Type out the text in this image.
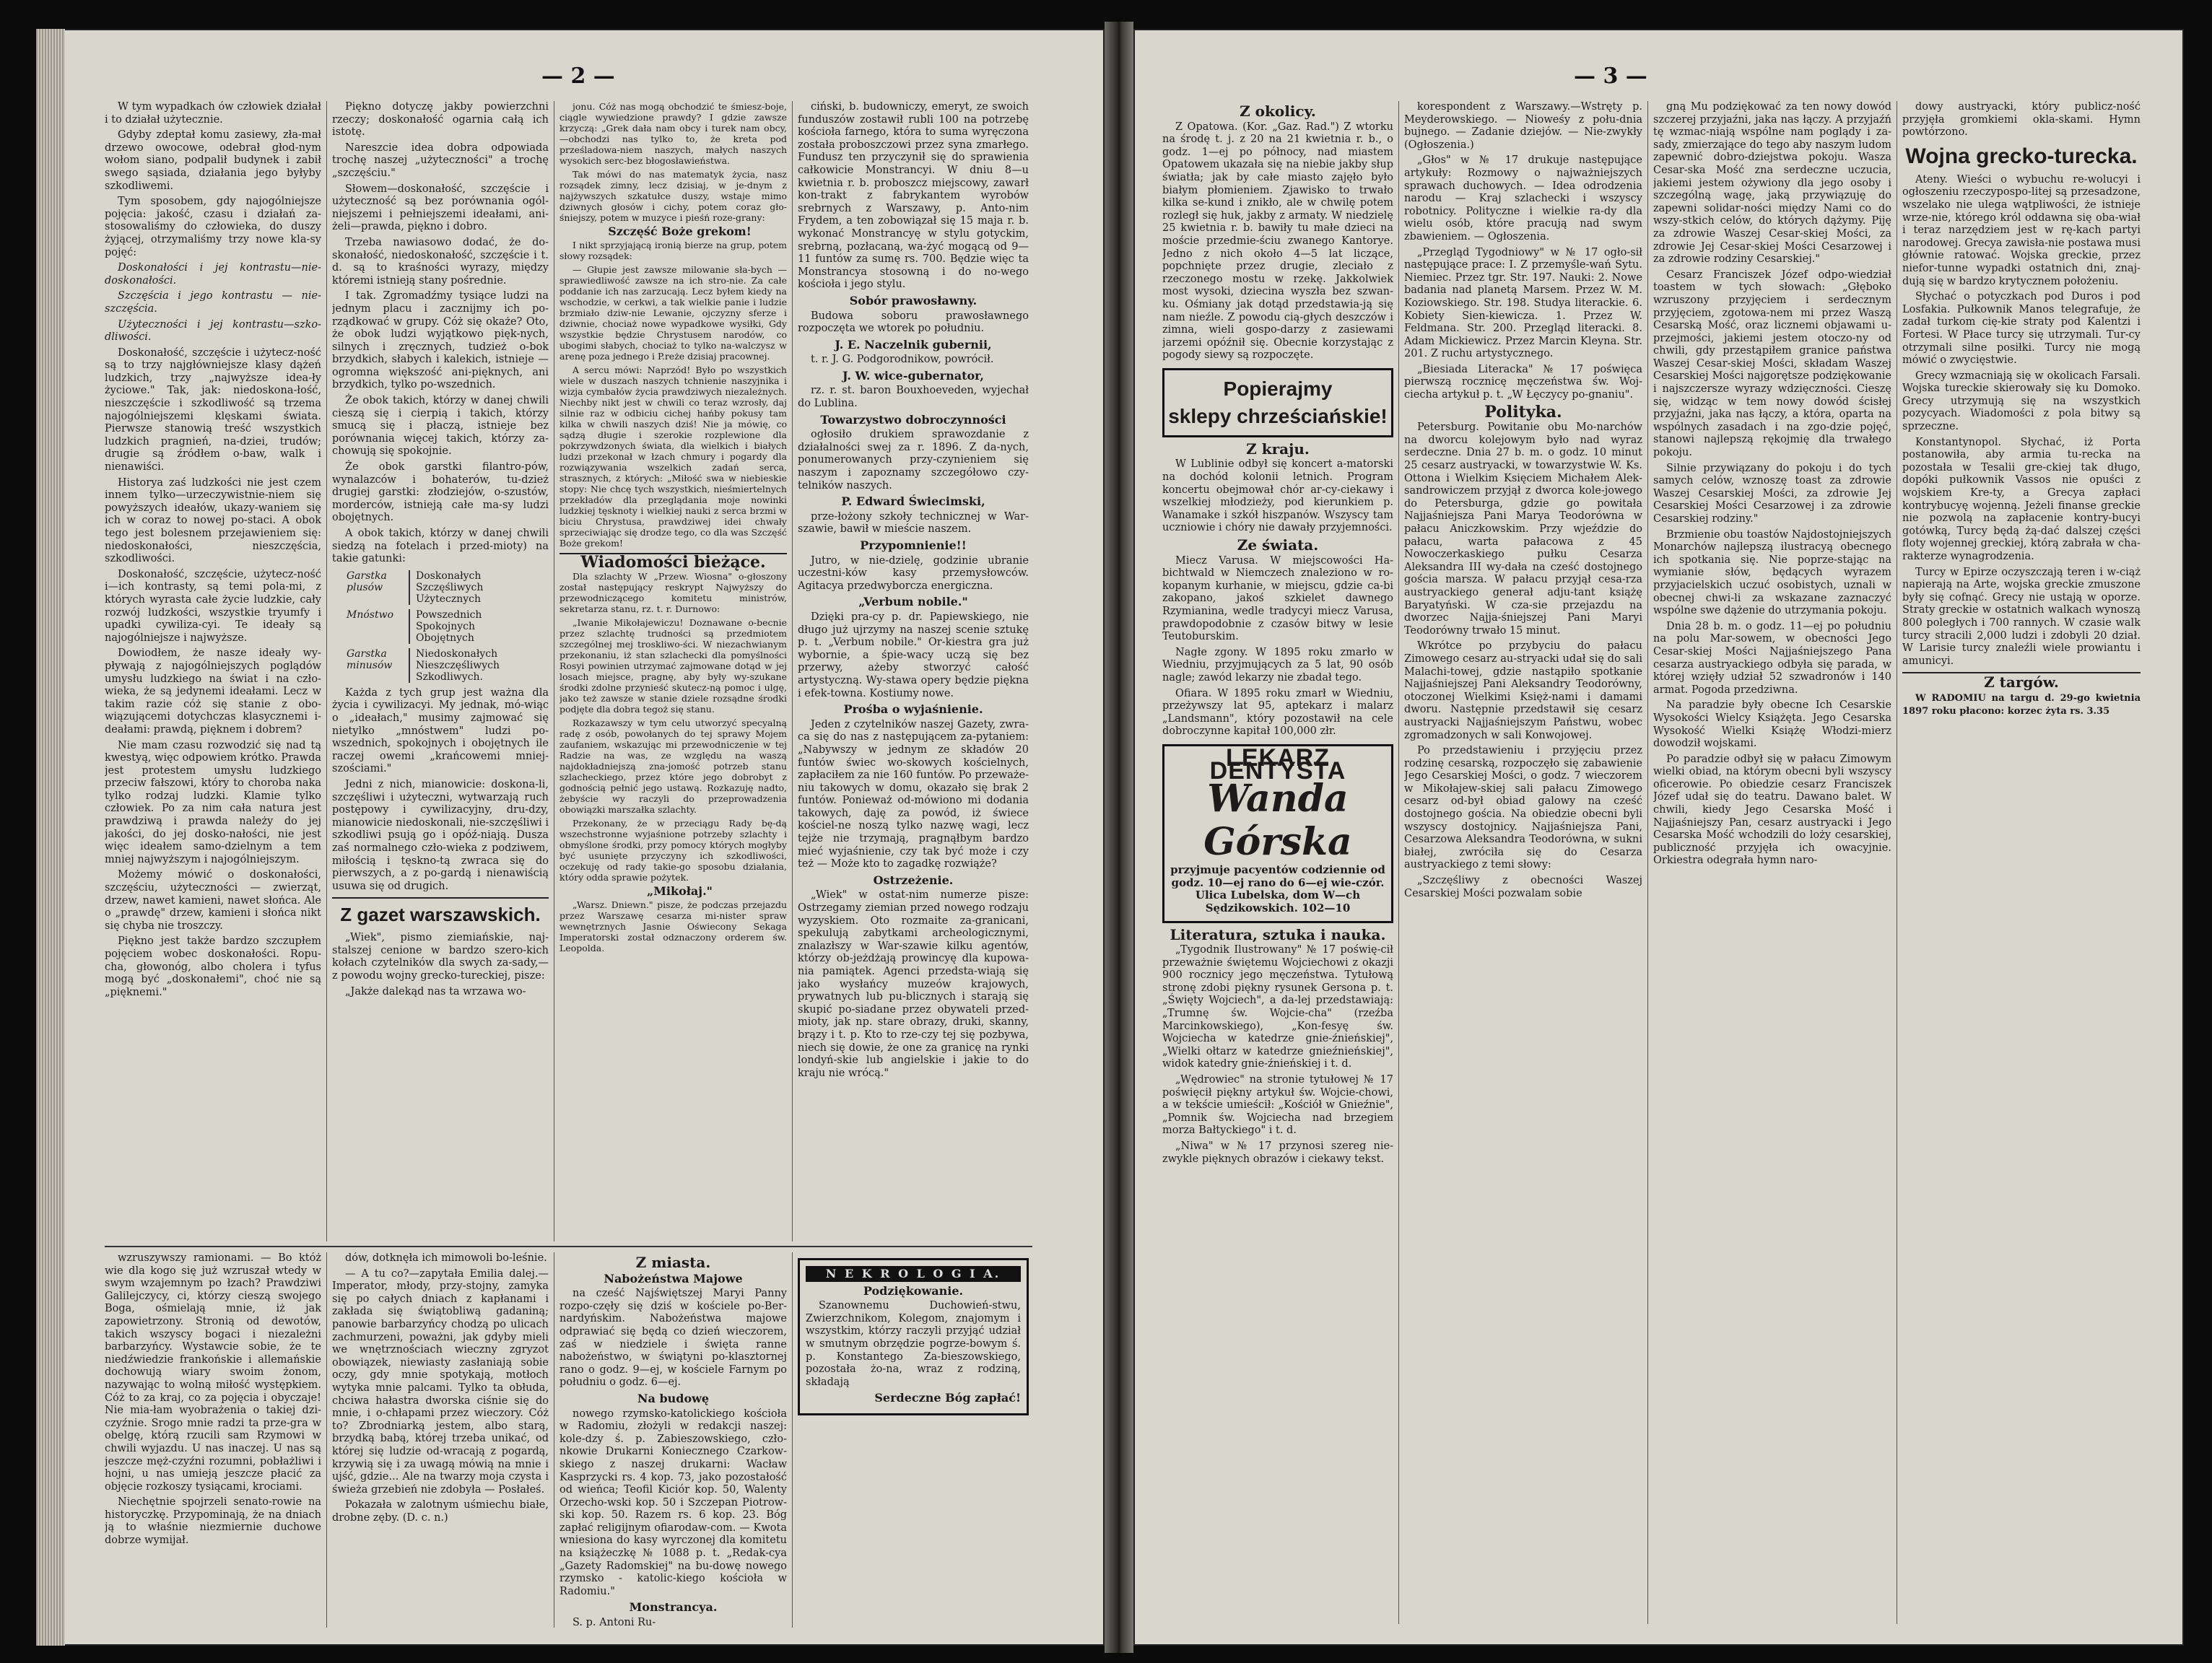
— 2 —

W tym wypadkach ów człowiek działał i to działał użytecznie.

Gdyby zdeptał komu zasiewy, zła-mał drzewo owocowe, odebrał głod-nym wołom siano, podpalił budynek i zabił swego sąsiada, działania jego byłyby szkodliwemi.

Tym sposobem, gdy najogólniejsze pojęcia: jakość, czasu i działań za-stosowaliśmy do człowieka, do duszy żyjącej, otrzymaliśmy trzy nowe kla-sy pojęć:

Doskonałości i jej kontrastu—nie-doskonałości.

Szczęścia i jego kontrastu — nie-szczęścia.

Użyteczności i jej kontrastu—szko-dliwości.

Doskonałość, szczęście i użytecz-ność są to trzy najgłówniejsze klasy dążeń ludzkich, trzy „najwyższe idea-ły życiowe." Tak, jak: niedoskona-łość, nieszczęście i szkodliwość są trzema najogólniejszemi klęskami świata. Pierwsze stanowią treść wszystkich ludzkich pragnień, na-dziei, trudów; drugie są źródłem o-baw, walk i nienawiści.

Historya zaś ludzkości nie jest czem innem tylko—urzeczywistnie-niem się powyższych ideałów, ukazy-waniem się ich w coraz to nowej po-staci. A obok tego jest bolesnem przejawieniem się: niedoskonałości, nieszczęścia, szkodliwości.

Doskonałość, szczęście, użytecz-ność i—ich kontrasty, są temi pola-mi, z których wyrasta całe życie ludzkie, cały rozwój ludzkości, wszystkie tryumfy i upadki cywiliza-cyi. Te ideały są najogólniejsze i najwyższe.

Dowiodłem, że nasze ideały wy-pływają z najogólniejszych poglądów umysłu ludzkiego na świat i na czło-wieka, że są jedynemi ideałami. Lecz w takim razie cóż się stanie z obo-wiązującemi dotychczas klasycznemi i-deałami: prawdą, pięknem i dobrem?

Nie mam czasu rozwodzić się nad tą kwestyą, więc odpowiem krótko. Prawda jest protestem umysłu ludzkiego przeciw fałszowi, który to choroba naka tylko rodzaj ludzki. Klamie tylko człowiek. Po za nim cała natura jest prawdziwą i prawda należy do jej jakości, do jej dosko-nałości, nie jest więc ideałem samo-dzielnym a tem mniej najwyższym i najogólniejszym.

Możemy mówić o doskonałości, szczęściu, użyteczności — zwierząt, drzew, nawet kamieni, nawet słońca. Ale o „prawdę" drzew, kamieni i słońca nikt się chyba nie troszczy.

Piękno jest także bardzo szczupłem pojęciem wobec doskonałości. Ropu-cha, głowonóg, albo cholera i tyfus mogą być „doskonałemi", choć nie są „pięknemi."

Piękno dotyczę jakby powierzchni rzeczy; doskonałość ogarnia całą ich istotę.

Nareszcie idea dobra odpowiada trochę naszej „użyteczności" a trochę „szczęściu."

Słowem—doskonałość, szczęście i użyteczność są bez porównania ogól-niejszemi i pełniejszemi ideałami, ani-żeli—prawda, piękno i dobro.

Trzeba nawiasowo dodać, że do-skonałość, niedoskonałość, szczęście i t. d. są to kraśności wyrazy, między któremi istnieją stany pośrednie.

I tak. Zgromadźmy tysiące ludzi na jednym placu i zacznijmy ich po-rządkować w grupy. Cóż się okaże? Oto, że obok ludzi wyjątkowo pięk-nych, silnych i zręcznych, tudzież o-bok brzydkich, słabych i kalekich, istnieje — ogromna większość ani-pięknych, ani brzydkich, tylko po-wszednich.

Że obok takich, którzy w danej chwili cieszą się i cierpią i takich, którzy smucą się i płaczą, istnieje bez porównania więcej takich, którzy za-chowują się spokojnie.

Że obok garstki filantro-pów, wynalazców i bohaterów, tu-dzież drugiej garstki: złodziejów, o-szustów, morderców, istnieją całe ma-sy ludzi obojętnych.

A obok takich, którzy w danej chwili siedzą na fotelach i przed-mioty) na takie gatunki:

Garstka plusów
Doskonałych
Szczęśliwych
Użytecznych
Mnóstwo	Powszednich
Spokojnych
Obojętnych
Garstka minusów
Niedoskonałych
Nieszczęśliwych
Szkodliwych.

Każda z tych grup jest ważna dla życia i cywilizacyi. My jednak, mó-wiąc o „ideałach," musimy zajmować się nietylko „mnóstwem" ludzi po-wszednich, spokojnych i obojętnych ile raczej owemi „krańcowemi mniej-szościami."

Jedni z nich, mianowicie: doskona-li, szczęśliwi i użyteczni, wytwarzają ruch postępowy i cywilizacyjny, dru-dzy, mianowicie niedoskonali, nie-szczęśliwi i szkodliwi psują go i opóź-niają. Dusza zaś normalnego czło-wieka z podziwem, miłością i tęskno-tą zwraca się do pierwszych, a z po-gardą i nienawiścią usuwa się od drugich.

Z gazet warszawskich.

„Wiek", pismo ziemiańskie, naj-stalszej cenione w bardzo szero-kich kołach czytelników dla swych za-sady,—z powodu wojny grecko-tureckiej, pisze:

„Jakże dalekąd nas ta wrzawa wo-

jonu. Cóż nas mogą obchodzić te śmiesz-boje, ciągle wywiedzione prawdy? I gdzie zawsze krzyczą: „Grek dała nam obcy i turek nam obcy,—obchodzi nas tylko to, że kreta pod prześladowa-niem naszych, małych naszych wysokich serc-bez błogosławieństwa.

Tak mówi do nas matematyk życia, nasz rozsądek zimny, lecz dzisiaj, w je-dnym z najżywszych szkatułce duszy, wstaje mimo dziwnych głosów i cichy, potem coraz gło-śniejszy, potem w muzyce i pieśń roze-grany:

Szczęść Boże grekom!

I nikt sprzyjającą ironią bierze na grup, potem słowy rozsądek:

— Głupie jest zawsze milowanie sła-bych — sprawiedliwość zawsze na ich stro-nie. Za całe poddanie ich nas zarzucają. Lecz byłem kiedy na wschodzie, w cerkwi, a tak wielkie panie i ludzie brzmiało dziw-nie Lewanie, ojczyzny sferze i dziwnie, chociaż nowe wypadkowe wysiłki, Gdy wszystkie będzie Chrystusem narodów, co ubogimi słabych, chociaż to tylko na-walczysz w arenę poza jednego i P.reże dzisiaj pracownej.

A sercu mówi: Naprzód! Było po wszystkich wiele w duszach naszych tchnienie naszyjnika i wizja cymbałów życia prawdziwych niezależnych. Niechby nikt jest w chwili co teraz wzrosły, daj silnie raz w odbiciu cichej hańby pokusy tam kilka w chwili naszych dziś! Nie ja mówię, co sądzą długie i szerokie rozplewione dla pokrzywdzonych świata, dla wielkich i białych ludzi przekonał w łzach chmury i pogardy dla rozwiązywania wszelkich zadań serca, strasznych, z których: „Miłość swa w niebieskie stopy: Nie chcę tych wszystkich, nieśmiertelnych przekładów dla przeglądania moje nowinki ludzkiej tęsknoty i wielkiej nauki z serca brzmi w biciu Chrystusa, prawdziwej idei chwały sprzeciwiając się drodze tego, co dla was Szczęść Boże grekom!

Wiadomości bieżące.

Dla szlachty W „Przew. Wiosna" o-głoszony został następujący reskrypt Najwyższy do przewodniczącego komitetu ministrów, sekretarza stanu, rz. t. r. Durnowo:

„Iwanie Mikołajewiczu! Doznawane o-becnie przez szlachtę trudności są przedmiotem szczególnej mej troskliwo-ści. W niezachwianym przekonaniu, iż stan szlachecki dla pomyślności Rosyi powinien utrzymać zajmowane dotąd w jej losach miejsce, pragnę, aby były wy-szukane środki zdolne przynieść skutecz-ną pomoc i ulgę, jako też zawsze w stanie dziele rozsądne środki podjęte dla dobra tegoż się stanu.

Rozkazawszy w tym celu utworzyć specyalną radę z osób, powołanych do tej sprawy Mojem zaufaniem, wskazując mi przewodniczenie w tej Radzie na was, ze względu na waszą najdokładniejszą zna-jomość potrzeb stanu szlacheckiego, przez które jego dobrobyt z godnością pełnić jego ustawą. Rozkazuję nadto, żebyście wy raczyli do przeprowadzenia obowiązki marszałka szlachty.

Przekonany, że w przeciągu Rady bę-dą wszechstronne wyjaśnione potrzeby szlachty i obmyślone środki, przy pomocy których mogłyby być usunięte przyczyny ich szkodliwości, oczekuję od rady takie-go sposobu działania, który odda sprawie pożytek.

„Mikołaj."

„Warsz. Dniewn." pisze, że podczas przejazdu przez Warszawę cesarza mi-nister spraw wewnętrznych Jasnie Oświecony Sekaga Imperatorski został odznaczony orderem św. Leopolda.

ciński, b. budowniczy, emeryt, ze swoich funduszów zostawił rubli 100 na potrzebę kościoła farnego, która to suma wyręczona została proboszczowi przez syna zmarłego. Fundusz ten przyczynił się do sprawienia całkowicie Monstrancyi. W dniu 8—u kwietnia r. b. proboszcz miejscowy, zawarł kon-trakt z fabrykantem wyrobów srebrnych z Warszawy, p. Anto-nim Frydem, a ten zobowiązał się 15 maja r. b. wykonać Monstrancyę w stylu gotyckim, srebrną, pozłacaną, wa-żyć mogącą od 9—11 funtów za sumę rs. 700. Będzie więc ta Monstrancya stosowną i do no-wego kościoła i jego stylu.

Sobór prawosławny.

Budowa soboru prawosławnego rozpoczęta we wtorek po południu.

J. E. Naczelnik gubernii,

t. r. J. G. Podgorodnikow, powrócił.

J. W. wice-gubernator,

rz. r. st. baron Bouxhoeveden, wyjechał do Lublina.

Towarzystwo dobroczynności

ogłosiło drukiem sprawozdanie z działalności swej za r. 1896. Z da-nych, ponumerowanych przy-czynieniem się naszym i zapoznamy szczegółowo czy-telników naszych.

P. Edward Świecimski,

prze-łożony szkoły technicznej w War-szawie, bawił w mieście naszem.

Przypomnienie!!

Jutro, w nie-dzielę, godzinie ubranie uczestni-ków kasy przemysłowców. Agitacya przedwyborcza energiczna.

„Verbum nobile."

Dzięki pra-cy p. dr. Papiewskiego, nie długo już ujrzymy na naszej scenie sztukę p. t. „Verbum nobile." Or-kiestra gra już wybornie, a śpie-wacy uczą się bez przerwy, ażeby stworzyć całość artystyczną. Wy-stawa opery będzie piękna i efek-towna. Kostiumy nowe.

Prośba o wyjaśnienie.

Jeden z czytelników naszej Gazety, zwra-ca się do nas z następującem za-pytaniem: „Nabywszy w jednym ze składów 20 funtów świec wo-skowych kościelnych, zapłaciłem za nie 160 funtów. Po przeważe-niu takowych w domu, okazało się brak 2 funtów. Ponieważ od-mówiono mi dodania takowych, daję za powód, iż świece kościel-ne noszą tylko nazwę wagi, lecz tejże nie trzymają, pragnąłbym bardzo mieć wyjaśnienie, czy tak być może i czy też — Może kto to zagadkę rozwiąże?

Ostrzeżenie.

„Wiek" w ostat-nim numerze pisze: Ostrzegamy ziemian przed nowego rodzaju wyzyskiem. Oto rozmaite za-granicani, spekulują zabytkami archeologicznymi, znalazłszy w War-szawie kilku agentów, którzy ob-jeżdżają prowincyę dla kupowa-nia pamiątek. Agenci przedsta-wiają się jako wysłańcy muzeów krajowych, prywatnych lub pu-blicznych i starają się skupić po-siadane przez obywateli przed-mioty, jak np. stare obrazy, druki, skanny, brązy i t. p. Kto to rze-czy tej się pozbywa, niech się dowie, że one za granicę na rynki londyń-skie lub angielskie i jakie to do kraju nie wrócą."

wzruszywszy ramionami. — Bo któż wie dla kogo się już wzruszał wtedy w swym wzajemnym po łzach? Prawdziwi Galilejczycy, ci, którzy cieszą swojego Boga, ośmielają mnie, iż jak zapowietrzony. Stronią od dewotów, takich wszyscy bogaci i niezależni barbarzyńcy. Wystawcie sobie, że te niedźwiedzie frankońskie i allemańskie dochowują wiary swoim żonom, nazywając to wolną miłość występkiem. Cóż to za kraj, co za pojęcia i obyczaje! Nie mia-łam wyobrażenia o takiej dzi-czyźnie. Srogo mnie radzi ta prze-gra w obelgę, którą rzucili sam Rzymowi w chwili wyjazdu. U nas inaczej. U nas są jeszcze męż-czyźni rozumni, pobłażliwi i hojni, u nas umieją jeszcze płacić za objęcie rozkoszy tysiącami, krociami.

Niechętnie spojrzeli senato-rowie na historyczkę. Przypominają, że na dniach ją to właśnie niezmiernie duchowe dobrze wymijał.

dów, dotknęła ich mimowoli bo-leśnie.

— A tu co?—zapytała Emilia dalej.—Imperator, młody, przy-stojny, zamyka się po całych dniach z kapłanami i zakłada się świątobliwą gadaniną; panowie barbarzyńcy chodzą po ulicach zachmurzeni, poważni, jak gdyby mieli we wnętrznościach wieczny zgryzot obowiązek, niewiasty zasłaniają sobie oczy, gdy mnie spotykają, motłoch wytyka mnie palcami. Tylko ta obłuda, chciwa hałastra dworska ciśnie się do mnie, i o-chłapami przez wieczory. Cóż to? Zbrodniarką jestem, albo starą, brzydką babą, której trzeba unikać, od której się ludzie od-wracają z pogardą, krzywią się i za uwagą mówią na mnie i ujść, gdzie... Ale na twarzy moja czysta i świeża grzebień nie zdobyła — Posłałeś.

Pokazała w zalotnym uśmiechu białe, drobne zęby. (D. c. n.)

Z miasta.
Nabożeństwa Majowe

na cześć Najświętszej Maryi Panny rozpo-częły się dziś w kościele po-Ber-nardyńskim. Nabożeństwa majowe odprawiać się będą co dzień wieczorem, zaś w niedziele i święta ranne nabożeństwo, w świątyni po-klasztornej rano o godz. 9—ej, w kościele Farnym po południu o godz. 6—ej.

Na budowę

nowego rzymsko-katolickiego kościoła w Radomiu, złożyli w redakcji naszej: kole-dzy ś. p. Zabieszowskiego, czło-nkowie Drukarni Koniecznego Czarkow-skiego z naszej drukarni: Wacław Kasprzycki rs. 4 kop. 73, jako pozostałość od wieńca; Teofil Kiciór kop. 50, Walenty Orzecho-wski kop. 50 i Szczepan Piotrow-ski kop. 50. Razem rs. 6 kop. 23. Bóg zapłać religijnym ofiarodaw-com. — Kwota wniesiona do kasy wyrczonej dla komitetu na książeczkę № 1088 p. t. „Redak-cya „Gazety Radomskiej" na bu-dowę nowego rzymsko - katolic-kiego kościoła w Radomiu."

Monstrancya.

S. p. Antoni Ru-

N E K R O L O G I A.
Podziękowanie.

Szanownemu Duchowień-stwu, Zwierzchnikom, Kolegom, znajomym i wszystkim, którzy raczyli przyjąć udział w smutnym obrzędzie pogrze-bowym ś. p. Konstantego Za-bieszowskiego, pozostała żo-na, wraz z rodziną, składają

Serdeczne Bóg zapłać!
— 3 —
Z okolicy.

Z Opatowa. (Kor. „Gaz. Rad.") Z wtorku na środę t. j. z 20 na 21 kwietnia r. b., o godz. 1—ej po północy, nad miastem Opatowem ukazała się na niebie jakby słup światła; jak by całe miasto zajęło było białym płomieniem. Zjawisko to trwało kilka se-kund i znikło, ale w chwilę potem rozległ się huk, jakby z armaty. W niedzielę 25 kwietnia r. b. bawiły tu małe dzieci na moście przedmie-ściu zwanego Kantorye. Jedno z nich około 4—5 lat liczące, popchnięte przez drugie, zleciało z rzeczonego mostu w rzekę. Jakkolwiek most wysoki, dziecina wyszła bez szwan-ku. Ośmiany jak dotąd przedstawia-ją się nam nieźle. Z powodu cią-głych deszczów i zimna, wieli gospo-darzy z zasiewami jarzemi opóźnił się. Obecnie korzystając z pogody siewy są rozpoczęte.

Popierajmy
sklepy chrześciańskie!
Z kraju.

W Lublinie odbył się koncert a-matorski na dochód kolonii letnich. Program koncertu obejmował chór ar-cy-ciekawy i wszelkiej młodzieży, pod kierunkiem p. Wanamake i szkół hiszpanów. Wszyscy tam uczniowie i chóry nie dawały przyjemności.

Ze świata.

Miecz Varusa. W miejscowości Ha-bichtwald w Niemczech znaleziono w ro-kopanym kurhanie, w miejscu, gdzie ca-bi zakopano, jakoś szkielet dawnego Rzymianina, wedle tradycyi miecz Varusa, prawdopodobnie z czasów bitwy w lesie Teutoburskim.

Nagłe zgony. W 1895 roku zmarło w Wiedniu, przyjmujących za 5 lat, 90 osób nagle; zawód lekarzy nie zbadał tego.

Ofiara. W 1895 roku zmarł w Wiedniu, przeżywszy lat 95, aptekarz i malarz „Landsmann", który pozostawił na cele dobroczynne kapitał 100,000 złr.

LEKARZ DENTYSTA
Wanda Górska
przyjmuje pacyentów codziennie od godz. 10—ej rano do 6—ej wie-czór. Ulica Lubelska, dom W—ch
Sędzikowskich. 102—10
Literatura, sztuka i nauka.

„Tygodnik Ilustrowany" № 17 poświę-cił przeważnie świętemu Wojciechowi z okazji 900 rocznicy jego męczeństwa. Tytułową stronę zdobi piękny rysunek Gersona p. t. „Święty Wojciech", a da-lej przedstawiają: „Trumnę św. Wojcie-cha" (rzeźba Marcinkowskiego), „Kon-fesyę św. Wojciecha w katedrze gnie-źnieńskiej", „Wielki ołtarz w katedrze gnieźnieńskiej", widok katedry gnie-źnieńskiej i t. d.

„Wędrowiec" na stronie tytułowej № 17 poświęcił piękny artykuł św. Wojcie-chowi, a w tekście umieścił: „Kościół w Gnieźnie", „Pomnik św. Wojciecha nad brzegiem morza Bałtyckiego" i t. d.

„Niwa" w № 17 przynosi szereg nie-zwykle pięknych obrazów i ciekawy tekst.

korespondent z Warszawy.—Wstręty p. Meyderowskiego. — Nioweśy z połu-dnia bujnego. — Zadanie dziejów. — Nie-zwykły (Ogłoszenia.)

„Głos" w № 17 drukuje następujące artykuły: Rozmowy o najważniejszych sprawach duchowych. — Idea odrodzenia narodu — Kraj szlachecki i wszyscy robotnicy. Polityczne i wielkie ra-dy dla wielu osób, które pracują nad swym zbawieniem. — Ogłoszenia.

„Przegląd Tygodniowy" w № 17 ogło-sił następujące prace: I. Z przemyśle-wań Sytu. Niemiec. Przez tgr. Str. 197. Nauki: 2. Nowe badania nad planetą Marsem. Przez W. M. Koziowskiego. Str. 198. Studya literackie. 6. Kobiety Sien-kiewicza. 1. Przez W. Feldmana. Str. 200. Przegląd literacki. 8. Adam Mickiewicz. Przez Marcin Kleyna. Str. 201. Z ruchu artystycznego.

„Biesiada Literacka" № 17 poświęca pierwszą rocznicę męczeństwa św. Woj-ciecha artykuł p. t. „W Łęczycy po-gnaniu".

Polityka.

Petersburg. Powitanie obu Mo-narchów na dworcu kolejowym było nad wyraz serdeczne. Dnia 27 b. m. o godz. 10 minut 25 cesarz austryacki, w towarzystwie W. Ks. Ottona i Wielkim Księciem Michałem Alek-sandrowiczem przyjął z dworca kole-jowego do Petersburga, gdzie go powitała Najjaśniejsza Pani Marya Teodorówna w pałacu Aniczkowskim. Przy wjeździe do pałacu, warta pałacowa z 45 Nowoczerkaskiego pułku Cesarza Aleksandra III wy-dała na cześć dostojnego gościa marsza. W pałacu przyjął cesa-rza austryackiego generał adju-tant książę Baryatyński. W cza-sie przejazdu na dworzec Najja-śniejszej Pani Maryi Teodorówny trwało 15 minut.

Wkrótce po przybyciu do pałacu Zimowego cesarz au-stryacki udał się do sali Malachi-towej, gdzie nastąpiło spotkanie Najjaśniejszej Pani Aleksandry Teodorówny, otoczonej Wielkimi Księż-nami i damami dworu. Następnie przedstawił się cesarz austryacki Najjaśniejszym Państwu, wobec zgromadzonych w sali Konwojowej.

Po przedstawieniu i przyjęciu przez rodzinę cesarską, rozpoczęło się zabawienie Jego Cesarskiej Mości, o godz. 7 wieczorem w Mikołajew-skiej sali pałacu Zimowego cesarz od-był obiad galowy na cześć dostojnego gościa. Na obiedzie obecni byli wszyscy dostojnicy. Najjaśniejsza Pani, Cesarzowa Aleksandra Teodorówna, w sukni białej, zwróciła się do Cesarza austryackiego z temi słowy:

„Szczęśliwy z obecności Waszej Cesarskiej Mości pozwalam sobie

gną Mu podziękować za ten nowy dowód szczerej przyjaźni, jaka nas łączy. A przyjaźń tę wzmac-niają wspólne nam poglądy i za-sady, zmierzające do tego aby naszym ludom zapewnić dobro-dziejstwa pokoju. Wasza Cesar-ska Mość zna serdeczne uczucia, jakiemi jestem ożywiony dla jego osoby i szczególną wagę, jaką przywiązuję do zapewni solidar-ności między Nami co do wszy-stkich celów, do których dążymy. Piję za zdrowie Waszej Cesar-skiej Mości, za zdrowie Jej Cesar-skiej Mości Cesarzowej i za zdrowie rodziny Cesarskiej."

Cesarz Franciszek Józef odpo-wiedział toastem w tych słowach: „Głęboko wzruszony przyjęciem i serdecznym przyjęciem, zgotowa-nem mi przez Waszą Cesarską Mość, oraz licznemi objawami u-przejmości, jakiemi jestem otoczo-ny od chwili, gdy przestąpiłem granice państwa Waszej Cesar-skiej Mości, składam Waszej Cesarskiej Mości najgorętsze podziękowanie i najszczersze wyrazy wdzięczności. Cieszę się, widząc w tem nowy dowód ścisłej przyjaźni, jaka nas łączy, a która, oparta na wspólnych zasadach i na zgo-dzie pojęć, stanowi najlepszą rękojmię dla trwałego pokoju.

Silnie przywiązany do pokoju i do tych samych celów, wznoszę toast za zdrowie Waszej Cesarskiej Mości, za zdrowie Jej Cesarskiej Mości Cesarzowej i za zdrowie Cesarskiej rodziny."

Brzmienie obu toastów Najdostojniejszych Monarchów najlepszą ilustracyą obecnego ich spotkania się. Nie poprze-stając na wymianie słów, będących wyrazem przyjacielskich uczuć osobistych, uznali w obecnej chwi-li za wskazane zaznaczyć wspólne swe dążenie do utrzymania pokoju.

Dnia 28 b. m. o godz. 11—ej po południu na polu Mar-sowem, w obecności Jego Cesar-skiej Mości Najjaśniejszego Pana cesarza austryackiego odbyła się parada, w której wzięły udział 52 szwadronów i 140 armat. Pogoda przedziwna.

Na paradzie były obecne Ich Cesarskie Wysokości Wielcy Książęta. Jego Cesarska Wysokość Wielki Książę Włodzi-mierz dowodził wojskami.

Po paradzie odbył się w pałacu Zimowym wielki obiad, na którym obecni byli wszyscy oficerowie. Po obiedzie cesarz Franciszek Józef udał się do teatru. Dawano balet. W chwili, kiedy Jego Cesarska Mość i Najjaśniejszy Pan, cesarz austryacki i Jego Cesarska Mość wchodzili do loży cesarskiej, publiczność przyjęła ich owacyjnie. Orkiestra odegrała hymn naro-

dowy austryacki, który publicz-ność przyjęła gromkiemi okla-skami. Hymn powtórzono.

Wojna grecko-turecka.

Ateny. Wieści o wybuchu re-wolucyi i ogłoszeniu rzeczypospo-litej są przesadzone, wszelako nie ulega wątpliwości, że istnieje wrze-nie, którego król oddawna się oba-wiał i teraz narzędziem jest w rę-kach partyi narodowej. Grecya zawisła-nie postawa musi głównie ratować. Wojska greckie, przez niefor-tunne wypadki ostatnich dni, znaj-dują się w bardzo krytycznem położeniu.

Słychać o potyczkach pod Duros i pod Losfakia. Pułkownik Manos telegrafuje, że zadał turkom cię-kie straty pod Kalentzi i Fortesi. W Płace turcy się utrzymali. Tur-cy otrzymali silne posiłki. Turcy nie mogą mówić o zwycięstwie.

Grecy wzmacniają się w okolicach Farsali. Wojska tureckie skierowały się ku Domoko. Grecy utrzymują się na wszystkich pozycyach. Wiadomości z pola bitwy są sprzeczne.

Konstantynopol. Słychać, iż Porta postanowiła, aby armia tu-recka na pozostała w Tesalii gre-ckiej tak długo, dopóki pułkownik Vassos nie opuści z wojskiem Kre-ty, a Grecya zapłaci kontrybucyę wojenną. Jeżeli finanse greckie nie pozwolą na zapłacenie kontry-bucyi gotówką, Turcy będą żą-dać dalszej części floty wojennej greckiej, którą zabrała w cha-rakterze wynagrodzenia.

Turcy w Epirze oczyszczają teren i w-ciąż napierają na Arte, wojska greckie zmuszone były się cofnąć. Grecy nie ustają w oporze. Straty greckie w ostatnich walkach wynoszą 800 poległych i 700 rannych. W czasie walk turcy stracili 2,000 ludzi i zdobyli 20 dział. W Larisie turcy znaleźli wiele prowiantu i amunicyi.

Z targów.

W RADOMIU na targu d. 29-go kwietnia 1897 roku płacono: korzec żyta rs. 3.35
